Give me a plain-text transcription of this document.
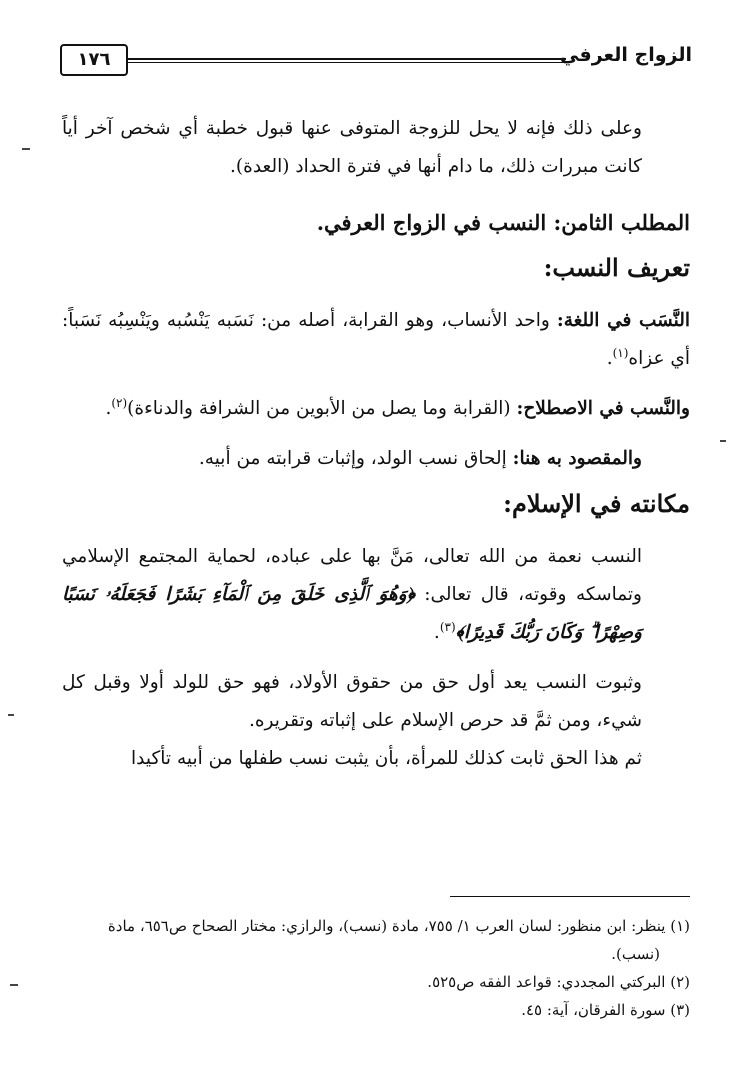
الزواج العرفي
١٧٦

وعلى ذلك فإنه لا يحل للزوجة المتوفى عنها قبول خطبة أي شخص آخر أياً كانت مبررات ذلك، ما دام أنها في فترة الحداد (العدة).

المطلب الثامن: النسب في الزواج العرفي.

تعريف النسب:

النَّسَب في اللغة: واحد الأنساب، وهو القرابة، أصله من: نَسَبه يَنْسُبه ويَنْسِبُه نَسَباً: أي عزاه$^{(١)}$.

والنَّسب في الاصطلاح: (القرابة وما يصل من الأبوين من الشرافة والدناءة)$^{(٢)}$.

والمقصود به هنا: إلحاق نسب الولد، وإثبات قرابته من أبيه.

مكانته في الإسلام:

النسب نعمة من الله تعالى، مَنَّ بها على عباده، لحماية المجتمع الإسلامي وتماسكه وقوته، قال تعالى: ﴿وَهُوَ ٱلَّذِى خَلَقَ مِنَ ٱلْمَآءِ بَشَرًا فَجَعَلَهُۥ نَسَبًا وَصِهْرًا ۗ وَكَانَ رَبُّكَ قَدِيرًا﴾$^{(٣)}$.

وثبوت النسب يعد أول حق من حقوق الأولاد، فهو حق للولد أولا وقبل كل شيء، ومن ثمَّ قد حرص الإسلام على إثباته وتقريره.

ثم هذا الحق ثابت كذلك للمرأة، بأن يثبت نسب طفلها من أبيه تأكيدا

(١) ينظر: ابن منظور: لسان العرب ١/ ٧٥٥، مادة (نسب)، والرازي: مختار الصحاح ص٦٥٦، مادة

(نسب).

(٢) البركتي المجددي: قواعد الفقه ص٥٢٥.

(٣) سورة الفرقان، آية: ٤٥.
